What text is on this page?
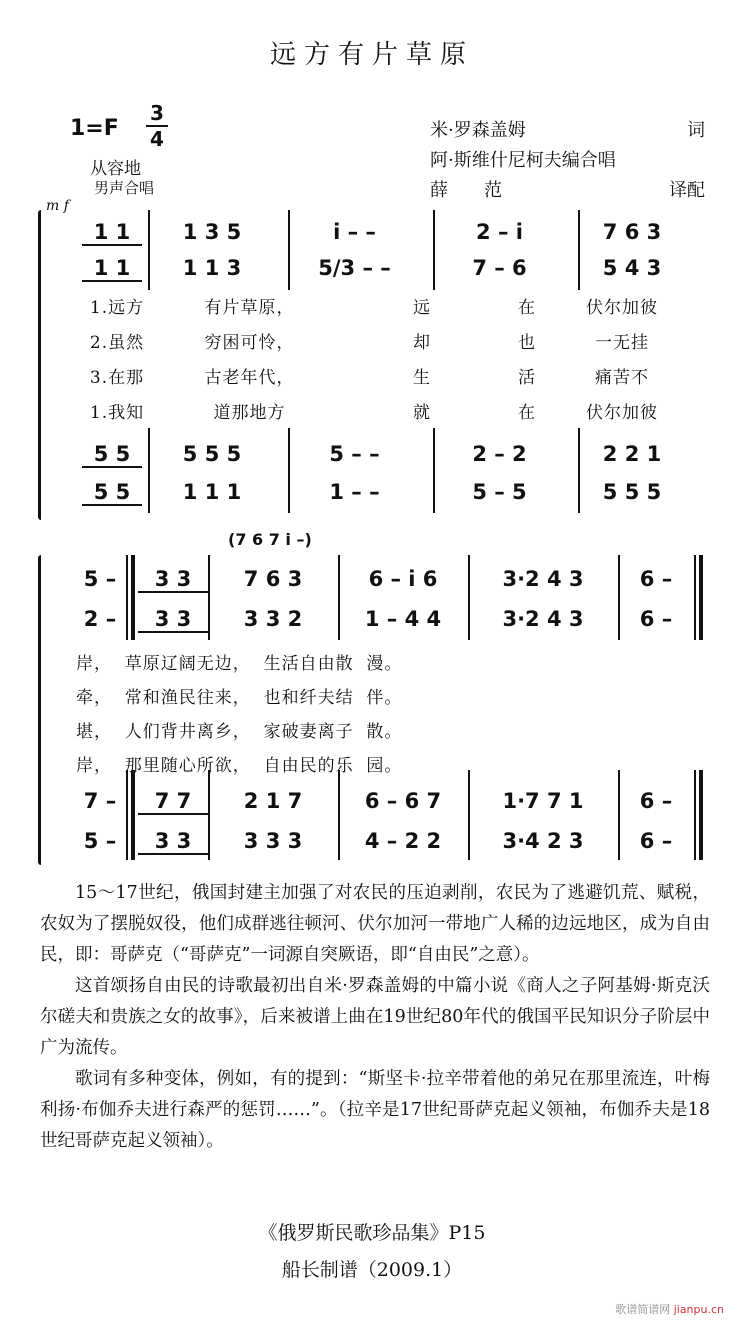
远方有片草原
1=F
3
4
从容地
男声合唱
m f
米·罗森盖姆	词
阿·斯维什尼柯夫编合唱
薛　　范	译配
1 1	1 3 5	i – –	2 – i	7 6 3
1 1	1 1 3	5/3 – –	7 – 6	5 4 3
1.远方	有片草原，	远	在	伏尔加彼
2.虽然	穷困可怜，	却	也	一无挂
3.在那	古老年代，	生	活	痛苦不
1.我知	道那地方	就	在	伏尔加彼
5 5	5 5 5	5 – –	2 – 2	2 2 1
5 5	1 1 1	1 – –	5 – 5	5 5 5
(7 6 7 i –)
5 –	3 3	7 6 3	6 – i 6	3·2 4 3	6 –
2 –	3 3	3 3 2	1 – 4 4	3·2 4 3	6 –
岸，  草原辽阔无边，  生活自由散  漫。
牵，  常和渔民往来，  也和纤夫结  伴。
堪，  人们背井离乡，  家破妻离子  散。
岸，  那里随心所欲，  自由民的乐  园。
7 –	7 7	2 1 7	6 – 6 7	1·7 7 1	6 –
5 –	3 3	3 3 3	4 – 2 2	3·4 2 3	6 –

15～17世纪，俄国封建主加强了对农民的压迫剥削，农民为了逃避饥荒、赋税，农奴为了摆脱奴役，他们成群逃往顿河、伏尔加河一带地广人稀的边远地区，成为自由民，即：哥萨克（“哥萨克”一词源自突厥语，即“自由民”之意）。

这首颂扬自由民的诗歌最初出自米·罗森盖姆的中篇小说《商人之子阿基姆·斯克沃尔磋夫和贵族之女的故事》，后来被谱上曲在19世纪80年代的俄国平民知识分子阶层中广为流传。

歌词有多种变体，例如，有的提到：“斯坚卡·拉辛带着他的弟兄在那里流连，叶梅利扬·布伽乔夫进行森严的惩罚……”。（拉辛是17世纪哥萨克起义领袖，布伽乔夫是18世纪哥萨克起义领袖）。

《俄罗斯民歌珍品集》P15
船长制谱（2009.1）
歌谱简谱网 jianpu.cn
